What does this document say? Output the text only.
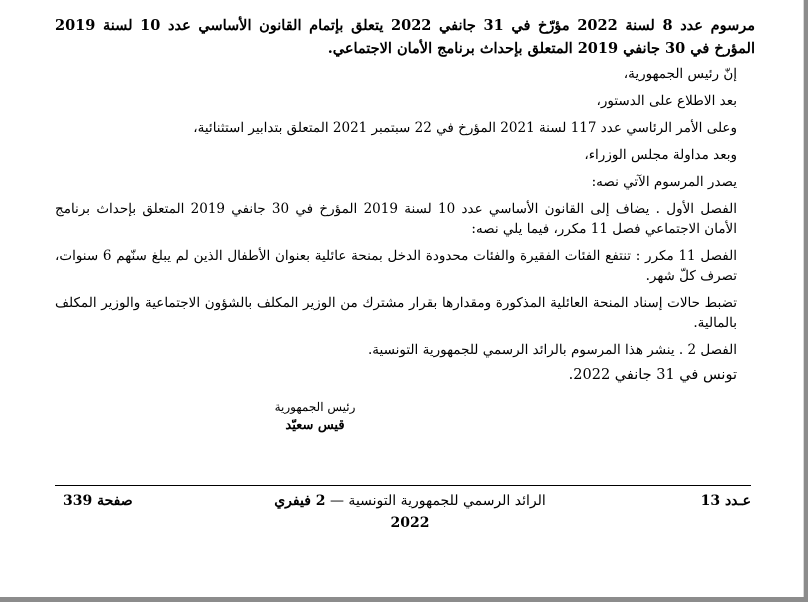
مرسوم عدد 8 لسنة 2022 مؤرّخ في 31 جانفي 2022 يتعلق بإتمام القانون الأساسي عدد 10 لسنة 2019 المؤرخ في 30 جانفي 2019 المتعلق بإحداث برنامج الأمان الاجتماعي.

إنّ رئيس الجمهورية،

بعد الاطلاع على الدستور،

وعلى الأمر الرئاسي عدد 117 لسنة 2021 المؤرخ في 22 سبتمبر 2021 المتعلق بتدابير استثنائية،

وبعد مداولة مجلس الوزراء،

يصدر المرسوم الآتي نصه:

الفصل الأول . يضاف إلى القانون الأساسي عدد 10 لسنة 2019 المؤرخ في 30 جانفي 2019 المتعلق بإحداث برنامج الأمان الاجتماعي فصل 11 مكرر، فيما يلي نصه:

الفصل 11 مكرر : تنتفع الفئات الفقيرة والفئات محدودة الدخل بمنحة عائلية بعنوان الأطفال الذين لم يبلغ سنّهم 6 سنوات، تصرف كلّ شهر.

تضبط حالات إسناد المنحة العائلية المذكورة ومقدارها بقرار مشترك من الوزير المكلف بالشؤون الاجتماعية والوزير المكلف بالمالية.

الفصل 2 . ينشر هذا المرسوم بالرائد الرسمي للجمهورية التونسية.

تونس في 31 جانفي 2022.

رئيس الجمهورية
قيس سعيّد
عـدد 13
الرائد الرسمي للجمهورية التونسية — 2 فيفري 2022
صفحة 339
